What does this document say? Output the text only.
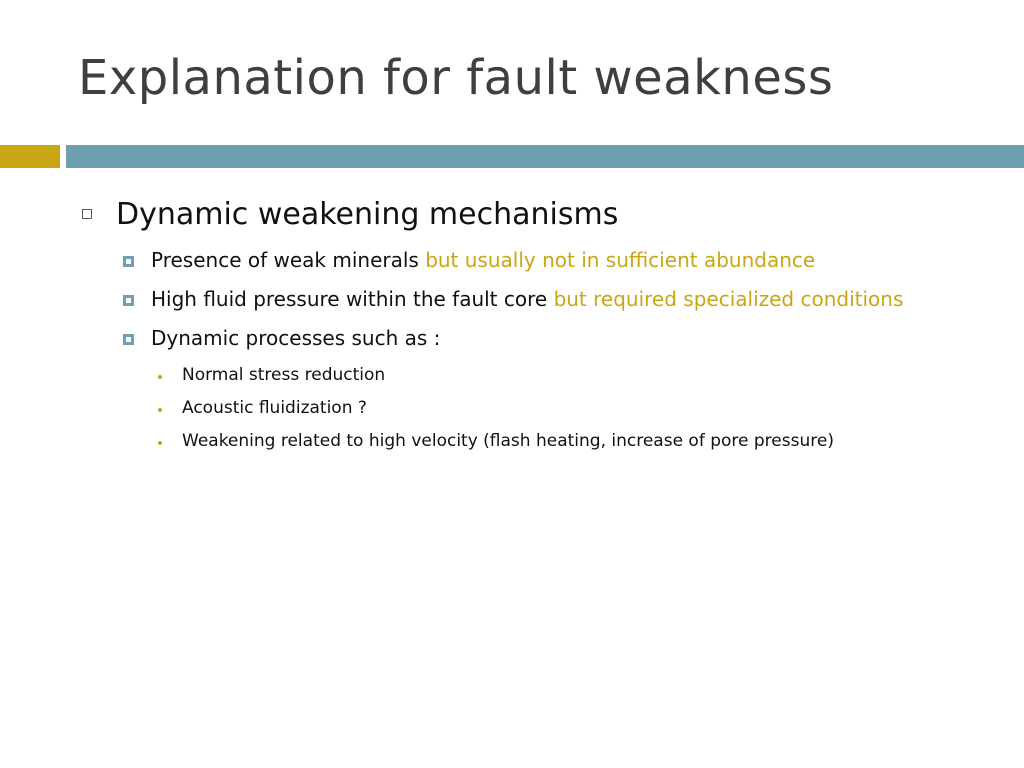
Explanation for fault weakness
Dynamic weakening mechanisms
Presence of weak minerals but usually not in sufficient abundance
High fluid pressure within the fault core but required specialized conditions
Dynamic processes such as :
Normal stress reduction
Acoustic fluidization ?
Weakening related to high velocity (flash heating, increase of pore pressure)
